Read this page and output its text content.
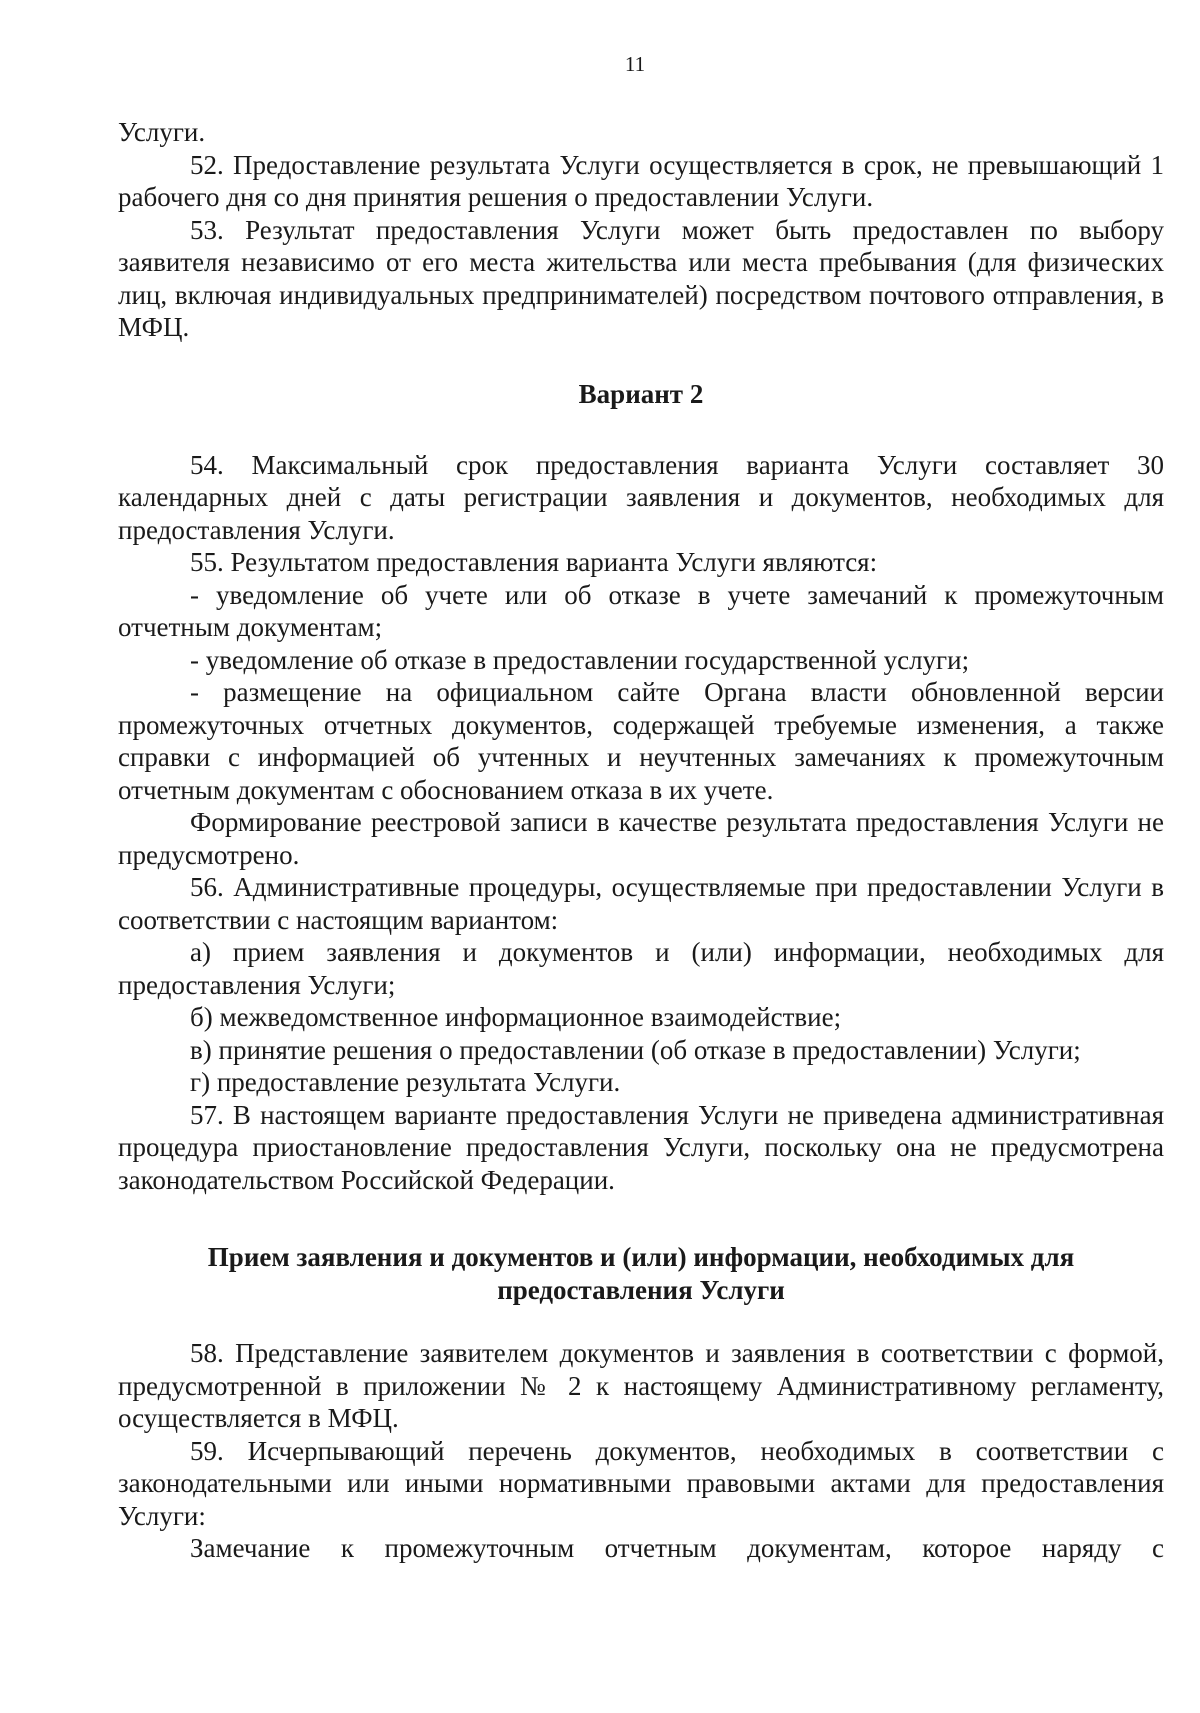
11

Услуги.

52. Предоставление результата Услуги осуществляется в срок, не превышающий 1 рабочего дня со дня принятия решения о предоставлении Услуги.

53. Результат предоставления Услуги может быть предоставлен по выбору заявителя независимо от его места жительства или места пребывания (для физических лиц, включая индивидуальных предпринимателей) посредством почтового отправления, в МФЦ.

Вариант 2

54. Максимальный срок предоставления варианта Услуги составляет 30 календарных дней с даты регистрации заявления и документов, необходимых для предоставления Услуги.

55. Результатом предоставления варианта Услуги являются:

- уведомление об учете или об отказе в учете замечаний к промежуточным отчетным документам;

- уведомление об отказе в предоставлении государственной услуги;

- размещение на официальном сайте Органа власти обновленной версии промежуточных отчетных документов, содержащей требуемые изменения, а также справки с информацией об учтенных и неучтенных замечаниях к промежуточным отчетным документам с обоснованием отказа в их учете.

Формирование реестровой записи в качестве результата предоставления Услуги не предусмотрено.

56. Административные процедуры, осуществляемые при предоставлении Услуги в соответствии с настоящим вариантом:

а) прием заявления и документов и (или) информации, необходимых для предоставления Услуги;

б) межведомственное информационное взаимодействие;

в) принятие решения о предоставлении (об отказе в предоставлении) Услуги;

г) предоставление результата Услуги.

57. В настоящем варианте предоставления Услуги не приведена административная процедура приостановление предоставления Услуги, поскольку она не предусмотрена законодательством Российской Федерации.

Прием заявления и документов и (или) информации, необходимых для
предоставления Услуги

58. Представление заявителем документов и заявления в соответствии с формой, предусмотренной в приложении № 2 к настоящему Административному регламенту, осуществляется в МФЦ.

59. Исчерпывающий перечень документов, необходимых в соответствии с законодательными или иными нормативными правовыми актами для предоставления Услуги:

Замечание к промежуточным отчетным документам, которое наряду с
